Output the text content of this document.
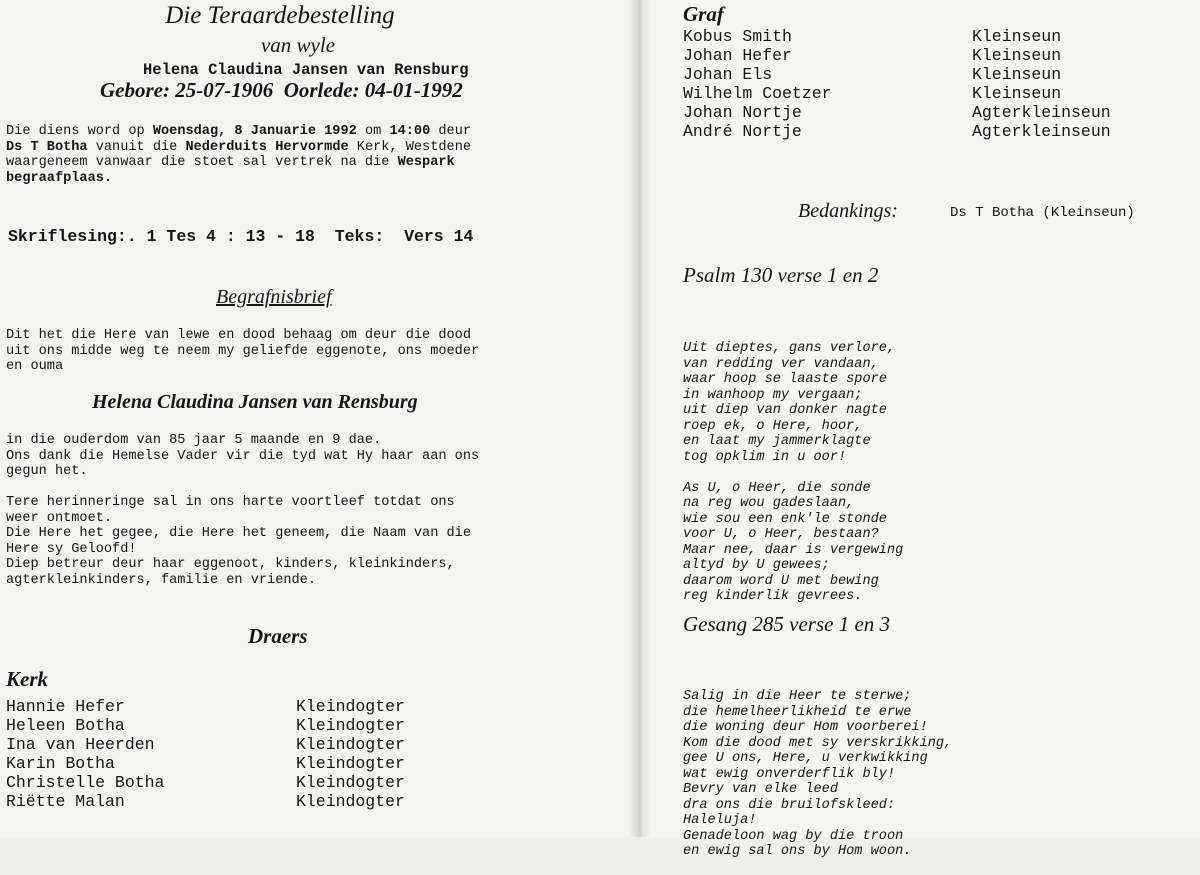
Die Teraardebestelling
van wyle
Helena Claudina Jansen van Rensburg
Gebore: 25-07-1906  Oorlede: 04-01-1992
Die diens word op Woensdag, 8 Januarie 1992 om 14:00 deur
Ds T Botha vanuit die Nederduits Hervormde Kerk, Westdene
waargeneem vanwaar die stoet sal vertrek na die Wespark
begraafplaas.
Skriflesing:. 1 Tes 4 : 13 - 18  Teks:  Vers 14
Begrafnisbrief
Dit het die Here van lewe en dood behaag om deur die dood
uit ons midde weg te neem my geliefde eggenote, ons moeder
en ouma
Helena Claudina Jansen van Rensburg
in die ouderdom van 85 jaar 5 maande en 9 dae.
Ons dank die Hemelse Vader vir die tyd wat Hy haar aan ons
gegun het.
Tere herinneringe sal in ons harte voortleef totdat ons
weer ontmoet.
Die Here het gegee, die Here het geneem, die Naam van die
Here sy Geloofd!
Diep betreur deur haar eggenoot, kinders, kleinkinders,
agterkleinkinders, familie en vriende.
Draers
Kerk
Hannie Hefer	Kleindogter
Heleen Botha	Kleindogter
Ina van Heerden	Kleindogter
Karin Botha	Kleindogter
Christelle Botha	Kleindogter
Riëtte Malan	Kleindogter
Graf
Kobus Smith	Kleinseun
Johan Hefer	Kleinseun
Johan Els	Kleinseun
Wilhelm Coetzer	Kleinseun
Johan Nortje	Agterkleinseun
André Nortje	Agterkleinseun
Bedankings:	Ds T Botha (Kleinseun)
Psalm 130 verse 1 en 2

Uit dieptes, gans verlore,
van redding ver vandaan,
waar hoop se laaste spore
in wanhoop my vergaan;
uit diep van donker nagte
roep ek, o Here, hoor,
en laat my jammerklagte
tog opklim in u oor!
As U, o Heer, die sonde
na reg wou gadeslaan,
wie sou een enk'le stonde
voor U, o Heer, bestaan?
Maar nee, daar is vergewing
altyd by U gewees;
daarom word U met bewing
reg kinderlik gevrees.

Gesang 285 verse 1 en 3

Salig in die Heer te sterwe;
die hemelheerlikheid te erwe
die woning deur Hom voorberei!
Kom die dood met sy verskrikking,
gee U ons, Here, u verkwikking
wat ewig onverderflik bly!
Bevry van elke leed
dra ons die bruilofskleed:
Haleluja!
Genadeloon wag by die troon
en ewig sal ons by Hom woon.
